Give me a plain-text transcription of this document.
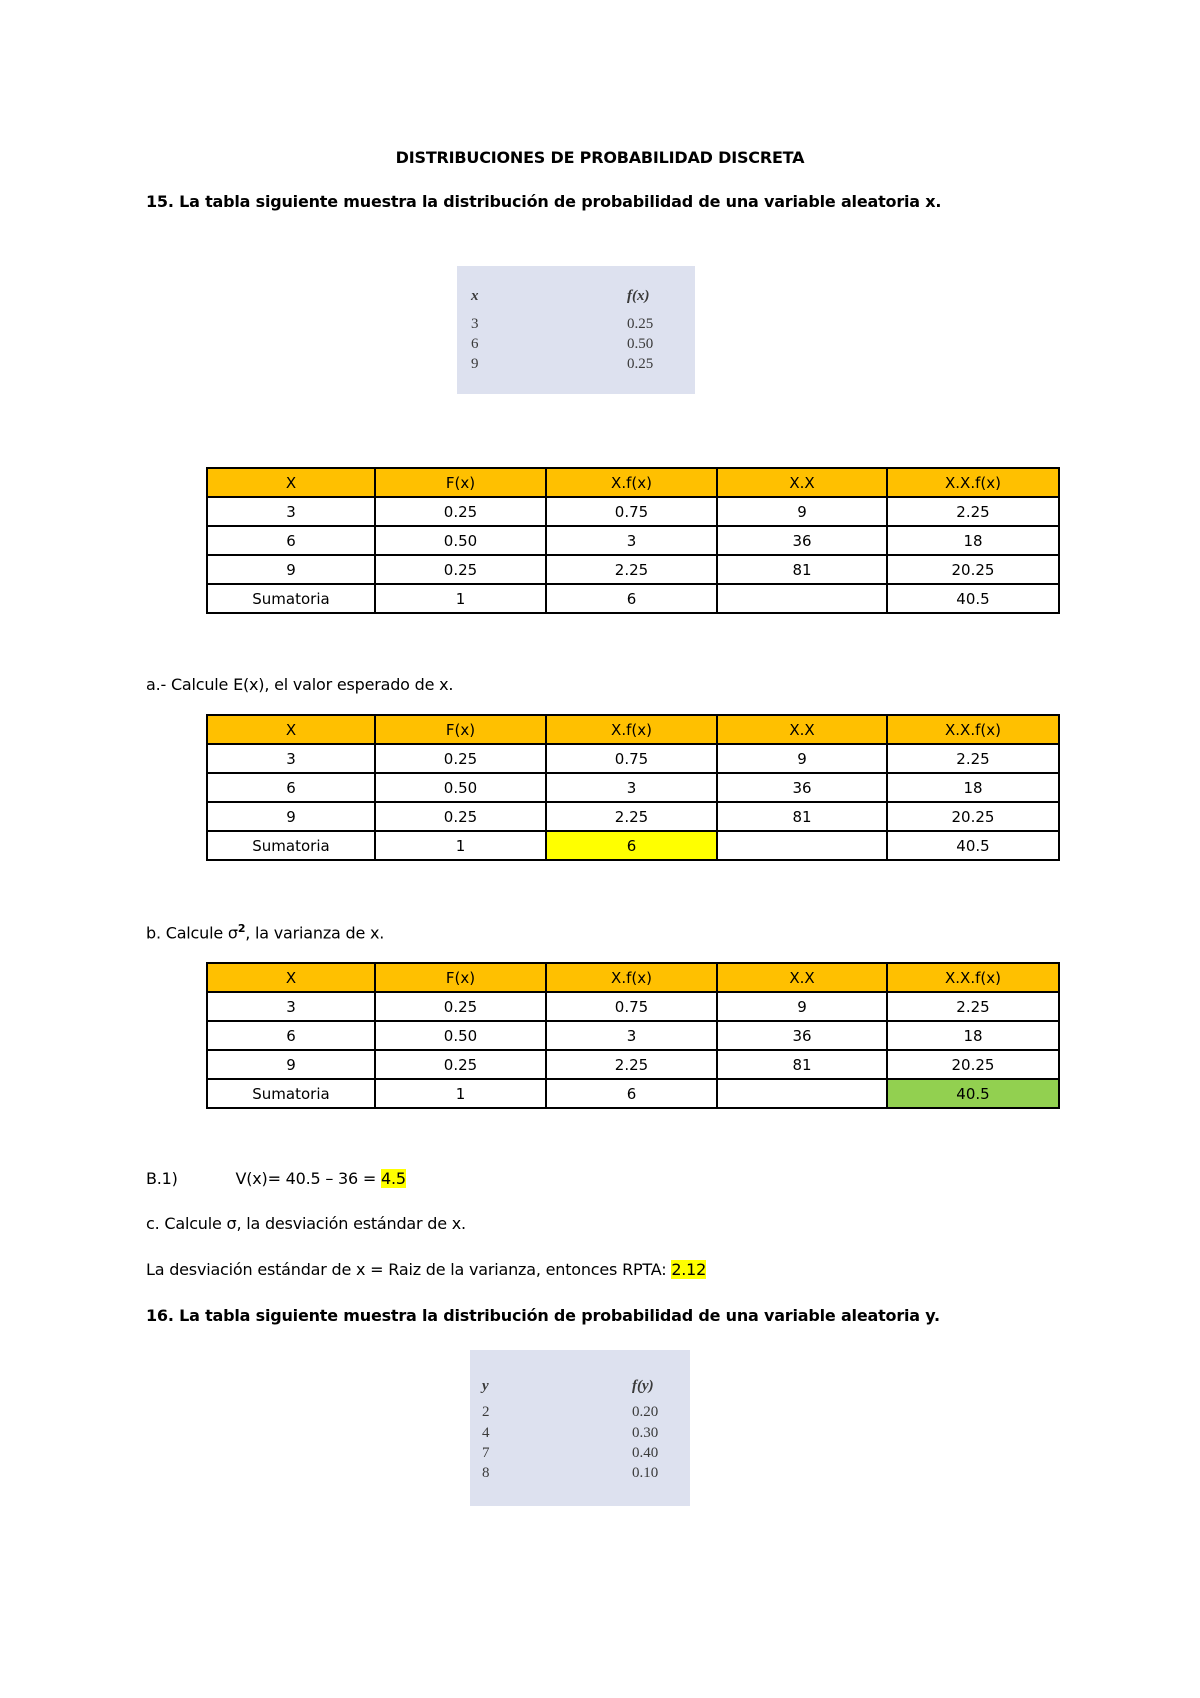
DISTRIBUCIONES DE PROBABILIDAD DISCRETA
15. La tabla siguiente muestra la distribución de probabilidad de una variable aleatoria x.
x	f(x)
3	0.25
6	0.50
9	0.25
X	F(x)	X.f(x)	X.X	X.X.f(x)
3	0.25	0.75	9	2.25
6	0.50	3	36	18
9	0.25	2.25	81	20.25
Sumatoria	1	6		40.5
a.- Calcule E(x), el valor esperado de x.
X	F(x)	X.f(x)	X.X	X.X.f(x)
3	0.25	0.75	9	2.25
6	0.50	3	36	18
9	0.25	2.25	81	20.25
Sumatoria	1	6		40.5
b. Calcule $\sigma^2$, la varianza de x.
X	F(x)	X.f(x)	X.X	X.X.f(x)
3	0.25	0.75	9	2.25
6	0.50	3	36	18
9	0.25	2.25	81	20.25
Sumatoria	1	6		40.5
B.1)	V(x)= 40.5 – 36 = 4.5
c. Calcule σ, la desviación estándar de x.
La desviación estándar de x = Raiz de la varianza, entonces RPTA: 2.12
16. La tabla siguiente muestra la distribución de probabilidad de una variable aleatoria y.
y	f(y)
2	0.20
4	0.30
7	0.40
8	0.10
